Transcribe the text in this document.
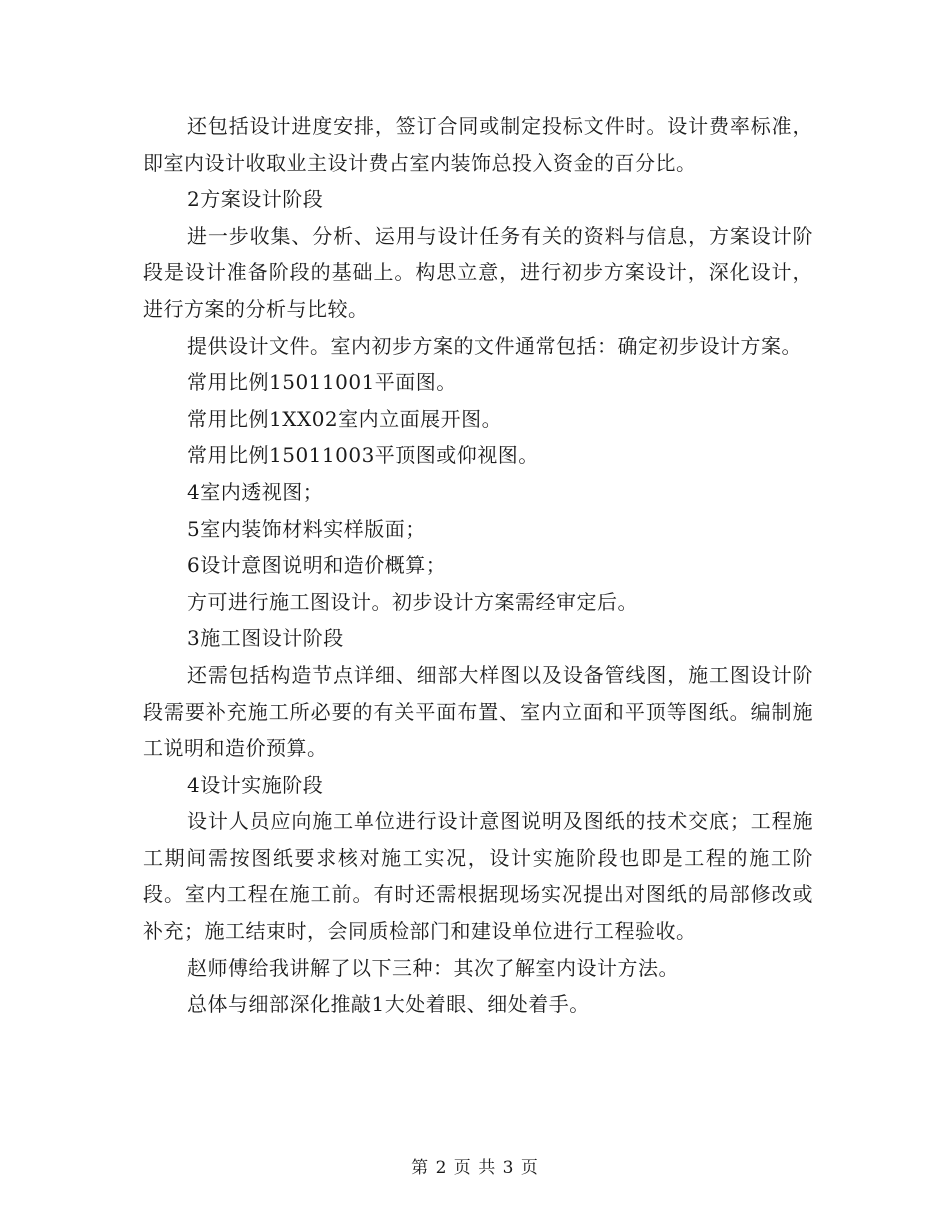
还包括设计进度安排，签订合同或制定投标文件时。设计费率标准，即室内设计收取业主设计费占室内装饰总投入资金的百分比。

2方案设计阶段

进一步收集、分析、运用与设计任务有关的资料与信息，方案设计阶段是设计准备阶段的基础上。构思立意，进行初步方案设计，深化设计，进行方案的分析与比较。

提供设计文件。室内初步方案的文件通常包括：确定初步设计方案。

常用比例15011001平面图。

常用比例1XX02室内立面展开图。

常用比例15011003平顶图或仰视图。

4室内透视图；

5室内装饰材料实样版面；

6设计意图说明和造价概算；

方可进行施工图设计。初步设计方案需经审定后。

3施工图设计阶段

还需包括构造节点详细、细部大样图以及设备管线图，施工图设计阶段需要补充施工所必要的有关平面布置、室内立面和平顶等图纸。编制施工说明和造价预算。

4设计实施阶段

设计人员应向施工单位进行设计意图说明及图纸的技术交底；工程施工期间需按图纸要求核对施工实况，设计实施阶段也即是工程的施工阶段。室内工程在施工前。有时还需根据现场实况提出对图纸的局部修改或补充；施工结束时，会同质检部门和建设单位进行工程验收。

赵师傅给我讲解了以下三种：其次了解室内设计方法。

总体与细部深化推敲1大处着眼、细处着手。

第 2 页 共 3 页
